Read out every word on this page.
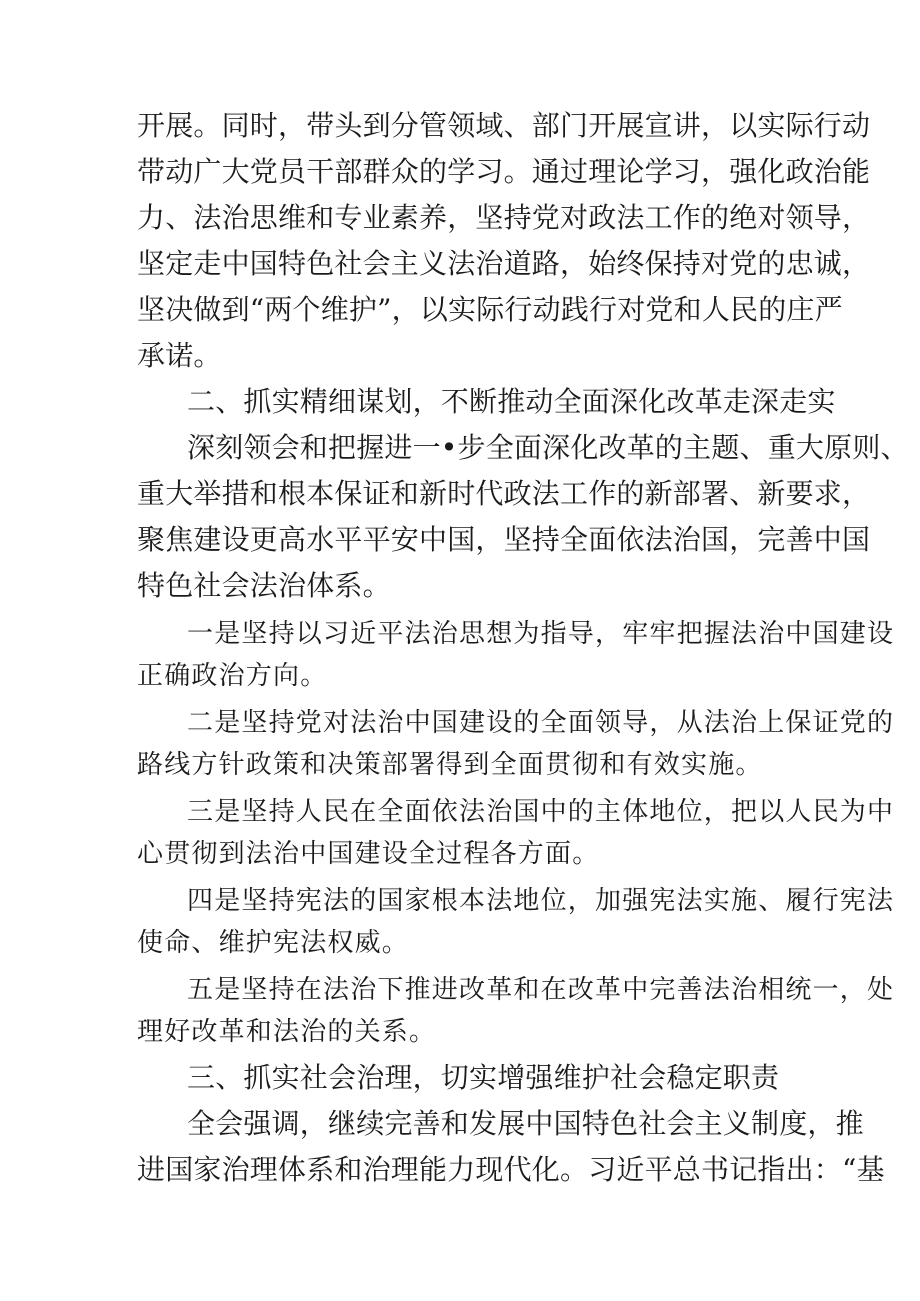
开展。同时，带头到分管领域、部门开展宣讲，以实际行动
带动广大党员干部群众的学习。通过理论学习，强化政治能
力、法治思维和专业素养，坚持党对政法工作的绝对领导，
坚定走中国特色社会主义法治道路，始终保持对党的忠诚，
坚决做到“两个维护”，以实际行动践行对党和人民的庄严
承诺。
二、抓实精细谋划，不断推动全面深化改革走深走实
深刻领会和把握进一•步全面深化改革的主题、重大原则、
重大举措和根本保证和新时代政法工作的新部署、新要求，
聚焦建设更高水平平安中国，坚持全面依法治国，完善中国
特色社会法治体系。
一是坚持以习近平法治思想为指导，牢牢把握法治中国建设
正确政治方向。
二是坚持党对法治中国建设的全面领导，从法治上保证党的
路线方针政策和决策部署得到全面贯彻和有效实施。
三是坚持人民在全面依法治国中的主体地位，把以人民为中
心贯彻到法治中国建设全过程各方面。
四是坚持宪法的国家根本法地位，加强宪法实施、履行宪法
使命、维护宪法权威。
五是坚持在法治下推进改革和在改革中完善法治相统一，处
理好改革和法治的关系。
三、抓实社会治理，切实增强维护社会稳定职责
全会强调，继续完善和发展中国特色社会主义制度，推
进国家治理体系和治理能力现代化。习近平总书记指出：“基
